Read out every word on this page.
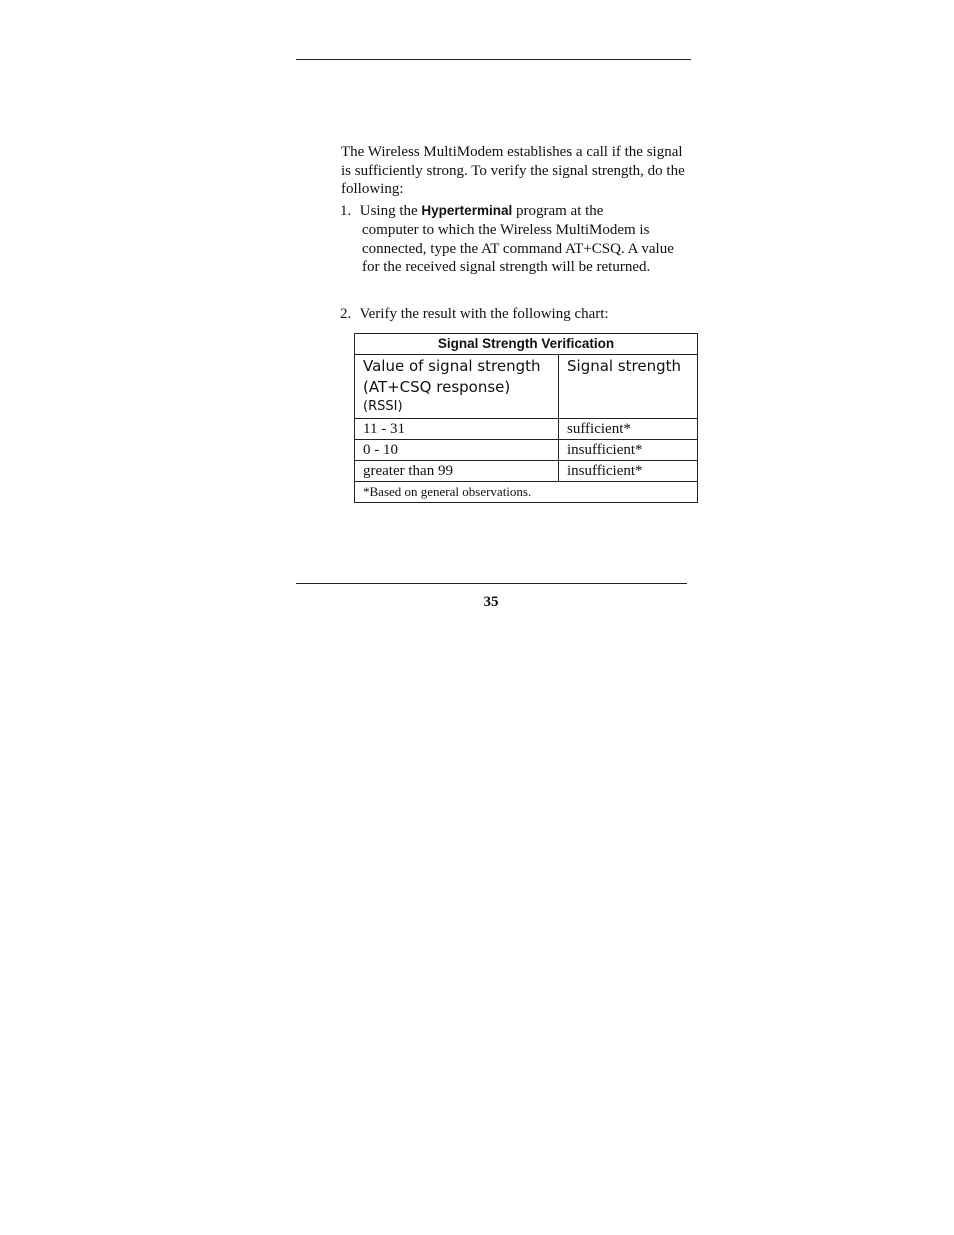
The Wireless MultiModem establishes a call if the signal is sufficiently strong. To verify the signal strength, do the following:

1. Using the Hyperterminal program at the

computer to which the Wireless MultiModem is connected, type the AT command AT+CSQ. A value for the received signal strength will be returned.

2. Verify the result with the following chart:

Signal Strength Verification	
Value of signal strength
(AT+CSQ response)
(RSSI)	Signal strength
11 - 31	sufficient*
0 - 10	insufficient*
greater than 99	insufficient*
*Based on general observations.	
35
